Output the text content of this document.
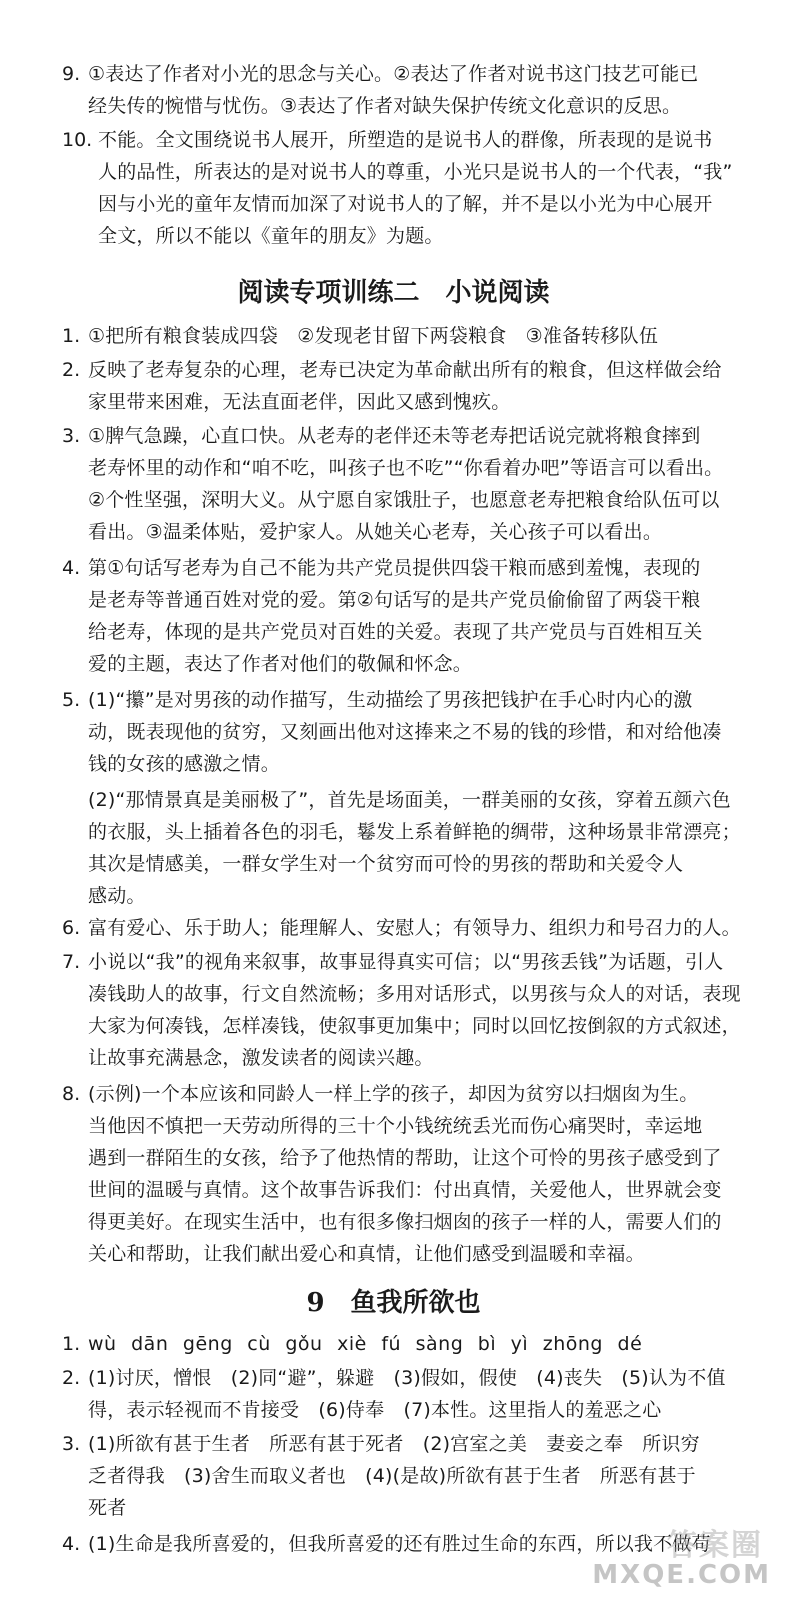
9. ①表达了作者对小光的思念与关心。②表达了作者对说书这门技艺可能已
经失传的惋惜与忧伤。③表达了作者对缺失保护传统文化意识的反思。
10. 不能。全文围绕说书人展开，所塑造的是说书人的群像，所表现的是说书
人的品性，所表达的是对说书人的尊重，小光只是说书人的一个代表，“我”
因与小光的童年友情而加深了对说书人的了解，并不是以小光为中心展开
全文，所以不能以《童年的朋友》为题。
阅读专项训练二　小说阅读
1. ①把所有粮食装成四袋　②发现老甘留下两袋粮食　③准备转移队伍
2. 反映了老寿复杂的心理，老寿已决定为革命献出所有的粮食，但这样做会给
家里带来困难，无法直面老伴，因此又感到愧疚。
3. ①脾气急躁，心直口快。从老寿的老伴还未等老寿把话说完就将粮食摔到
老寿怀里的动作和“咱不吃，叫孩子也不吃”“你看着办吧”等语言可以看出。
②个性坚强，深明大义。从宁愿自家饿肚子，也愿意老寿把粮食给队伍可以
看出。③温柔体贴，爱护家人。从她关心老寿，关心孩子可以看出。
4. 第①句话写老寿为自己不能为共产党员提供四袋干粮而感到羞愧，表现的
是老寿等普通百姓对党的爱。第②句话写的是共产党员偷偷留了两袋干粮
给老寿，体现的是共产党员对百姓的关爱。表现了共产党员与百姓相互关
爱的主题，表达了作者对他们的敬佩和怀念。
5. (1)“攥”是对男孩的动作描写，生动描绘了男孩把钱护在手心时内心的激
动，既表现他的贫穷，又刻画出他对这捧来之不易的钱的珍惜，和对给他凑
钱的女孩的感激之情。
(2)“那情景真是美丽极了”，首先是场面美，一群美丽的女孩，穿着五颜六色
的衣服，头上插着各色的羽毛，鬈发上系着鲜艳的绸带，这种场景非常漂亮；
其次是情感美，一群女学生对一个贫穷而可怜的男孩的帮助和关爱令人
感动。
6. 富有爱心、乐于助人；能理解人、安慰人；有领导力、组织力和号召力的人。
7. 小说以“我”的视角来叙事，故事显得真实可信；以“男孩丢钱”为话题，引人
凑钱助人的故事，行文自然流畅；多用对话形式，以男孩与众人的对话，表现
大家为何凑钱，怎样凑钱，使叙事更加集中；同时以回忆按倒叙的方式叙述，
让故事充满悬念，激发读者的阅读兴趣。
8. (示例)一个本应该和同龄人一样上学的孩子，却因为贫穷以扫烟囱为生。
当他因不慎把一天劳动所得的三十个小钱统统丢光而伤心痛哭时，幸运地
遇到一群陌生的女孩，给予了他热情的帮助，让这个可怜的男孩子感受到了
世间的温暖与真情。这个故事告诉我们：付出真情，关爱他人，世界就会变
得更美好。在现实生活中，也有很多像扫烟囱的孩子一样的人，需要人们的
关心和帮助，让我们献出爱心和真情，让他们感受到温暖和幸福。
9　鱼我所欲也
1. wù dān gēng cù gǒu xiè fú sàng bì yì zhōng dé
2. (1)讨厌，憎恨　(2)同“避”，躲避　(3)假如，假使　(4)丧失　(5)认为不值
得，表示轻视而不肯接受　(6)侍奉　(7)本性。这里指人的羞恶之心
3. (1)所欲有甚于生者　所恶有甚于死者　(2)宫室之美　妻妾之奉　所识穷
乏者得我　(3)舍生而取义者也　(4)(是故)所欲有甚于生者　所恶有甚于
死者
4. (1)生命是我所喜爱的，但我所喜爱的还有胜过生命的东西，所以我不做苟
答案圈
MXQE.COM
